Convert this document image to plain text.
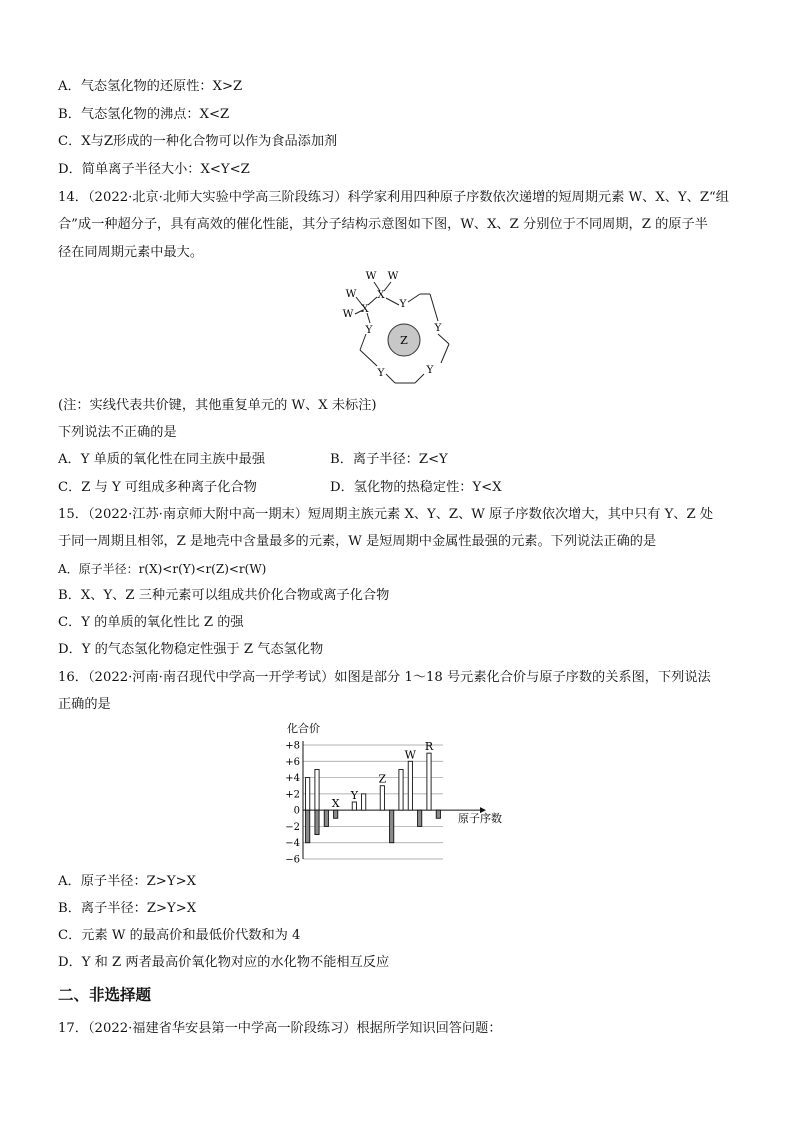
A．气态氢化物的还原性：X>Z
B．气态氢化物的沸点：X<Z
C．X与Z形成的一种化合物可以作为食品添加剂
D．简单离子半径大小：X<Y<Z
14．（2022·北京·北师大实验中学高三阶段练习）科学家利用四种原子序数依次递增的短周期元素 W、X、Y、Z“组
合”成一种超分子，具有高效的催化性能，其分子结构示意图如下图，W、X、Z 分别位于不同周期，Z 的原子半
径在同周期元素中最大。
Z
W W
W
W
X
X	Y
Y
Y
Y
Y
(注：实线代表共价键，其他重复单元的 W、X 未标注)
下列说法不正确的是
A．Y 单质的氧化性在同主族中最强	B．离子半径：Z<Y
C．Z 与 Y 可组成多种离子化合物	D．氢化物的热稳定性：Y<X
15．（2022·江苏·南京师大附中高一期末）短周期主族元素 X、Y、Z、W 原子序数依次增大，其中只有 Y、Z 处
于同一周期且相邻，Z 是地壳中含量最多的元素，W 是短周期中金属性最强的元素。下列说法正确的是
A．原子半径：r(X)<r(Y)<r(Z)<r(W)
B．X、Y、Z 三种元素可以组成共价化合物或离子化合物
C．Y 的单质的氧化性比 Z 的强
D．Y 的气态氢化物稳定性强于 Z 气态氢化物
16．（2022·河南·南召现代中学高一开学考试）如图是部分 1～18 号元素化合价与原子序数的关系图，下列说法
正确的是
化合价
原子序数
+8
+6
+4
+2
0
−2
−4
−6
X
Y
Z
W
R
A．原子半径：Z>Y>X
B．离子半径：Z>Y>X
C．元素 W 的最高价和最低价代数和为 4
D．Y 和 Z 两者最高价氧化物对应的水化物不能相互反应
二、非选择题
17．（2022·福建省华安县第一中学高一阶段练习）根据所学知识回答问题：
